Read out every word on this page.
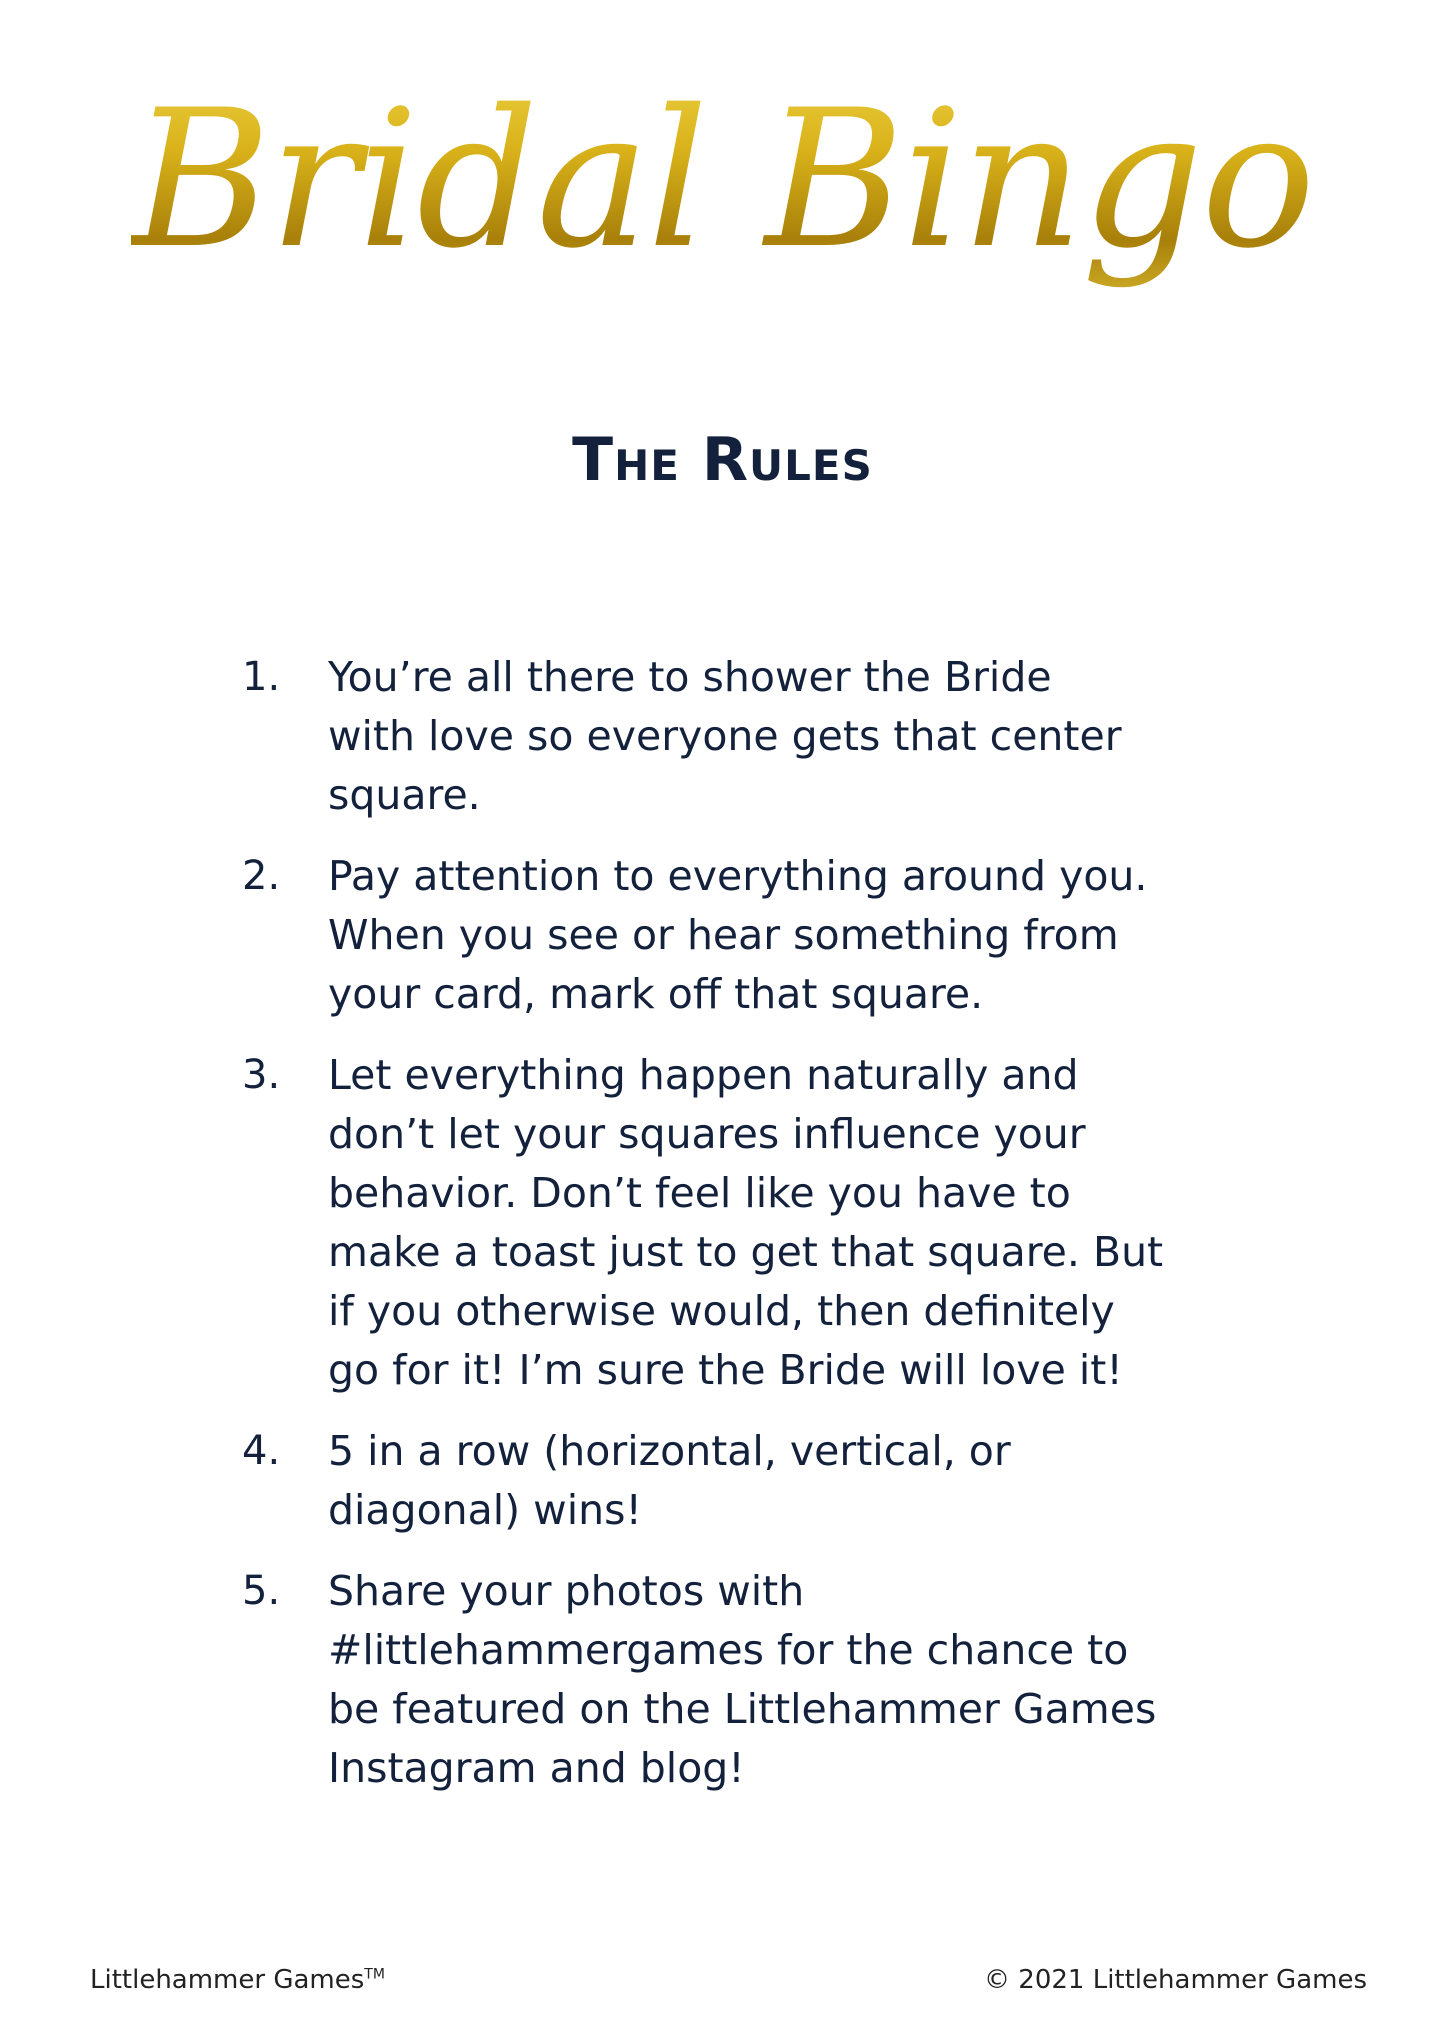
Bridal Bingo
The Rules
1.	You’re all there to shower the Bride
with love so everyone gets that center
square.
2.	Pay attention to everything around you.
When you see or hear something from
your card, mark off that square.
3.	Let everything happen naturally and
don’t let your squares influence your
behavior. Don’t feel like you have to
make a toast just to get that square. But
if you otherwise would, then definitely
go for it! I’m sure the Bride will love it!
4.	5 in a row (horizontal, vertical, or
diagonal) wins!
5.	Share your photos with
#littlehammergames for the chance to
be featured on the Littlehammer Games
Instagram and blog!
Littlehammer Games™	© 2021 Littlehammer Games
